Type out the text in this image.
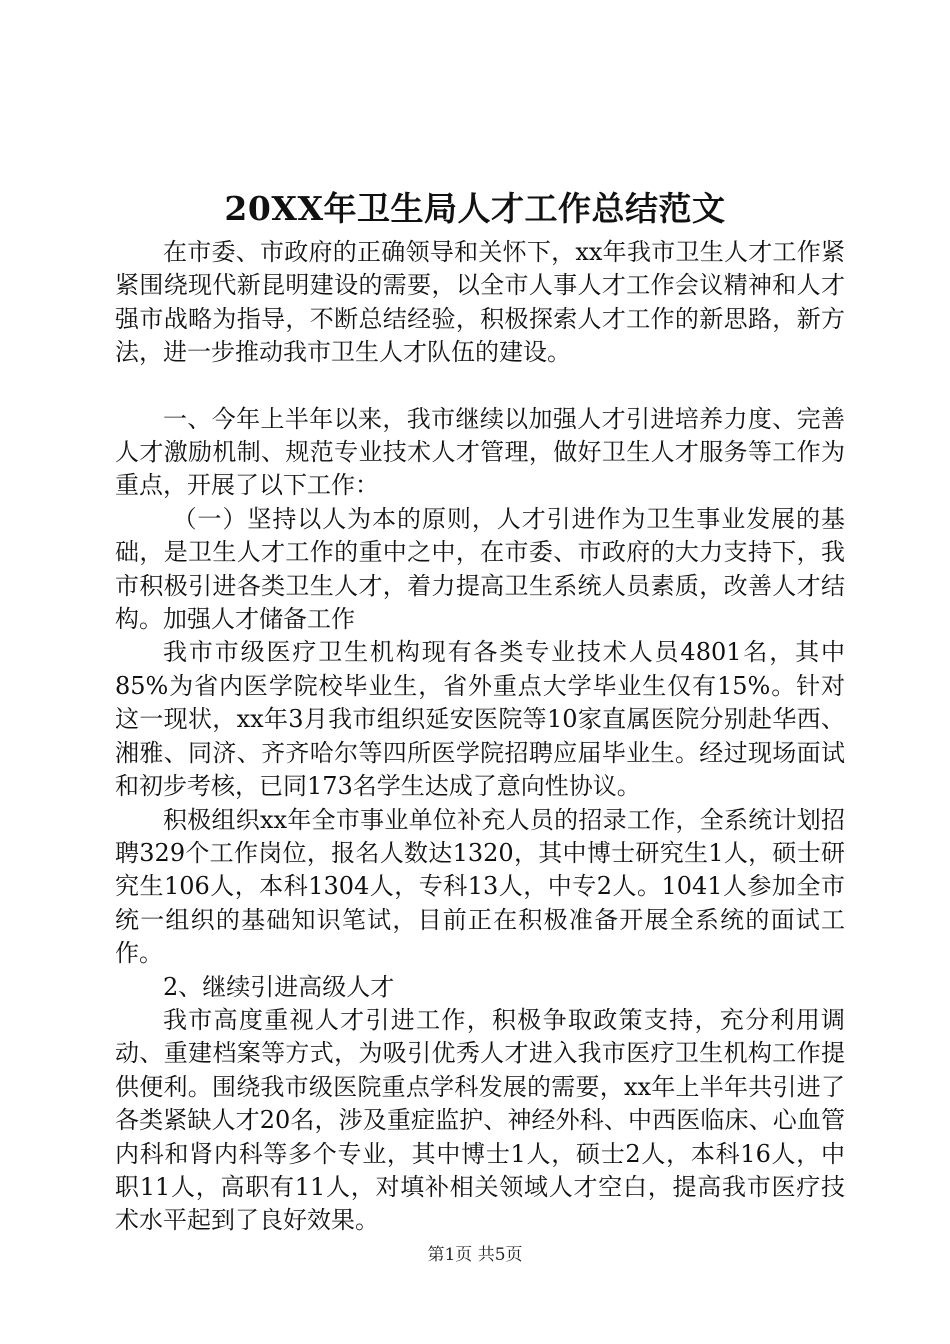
20XX年卫生局人才工作总结范文

在市委、市政府的正确领导和关怀下，xx年我市卫生人才工作紧紧围绕现代新昆明建设的需要，以全市人事人才工作会议精神和人才强市战略为指导，不断总结经验，积极探索人才工作的新思路，新方法，进一步推动我市卫生人才队伍的建设。

一、今年上半年以来，我市继续以加强人才引进培养力度、完善人才激励机制、规范专业技术人才管理，做好卫生人才服务等工作为重点，开展了以下工作：

（一）坚持以人为本的原则，人才引进作为卫生事业发展的基础，是卫生人才工作的重中之中，在市委、市政府的大力支持下，我市积极引进各类卫生人才，着力提高卫生系统人员素质，改善人才结构。加强人才储备工作

我市市级医疗卫生机构现有各类专业技术人员4801名，其中85%为省内医学院校毕业生，省外重点大学毕业生仅有15%。针对这一现状，xx年3月我市组织延安医院等10家直属医院分别赴华西、湘雅、同济、齐齐哈尔等四所医学院招聘应届毕业生。经过现场面试和初步考核，已同173名学生达成了意向性协议。

积极组织xx年全市事业单位补充人员的招录工作，全系统计划招聘329个工作岗位，报名人数达1320，其中博士研究生1人，硕士研究生106人，本科1304人，专科13人，中专2人。1041人参加全市统一组织的基础知识笔试，目前正在积极准备开展全系统的面试工作。

2、继续引进高级人才

我市高度重视人才引进工作，积极争取政策支持，充分利用调动、重建档案等方式，为吸引优秀人才进入我市医疗卫生机构工作提供便利。围绕我市级医院重点学科发展的需要，xx年上半年共引进了各类紧缺人才20名，涉及重症监护、神经外科、中西医临床、心血管内科和肾内科等多个专业，其中博士1人，硕士2人，本科16人，中职11人，高职有11人，对填补相关领域人才空白，提高我市医疗技术水平起到了良好效果。

第1页 共5页
